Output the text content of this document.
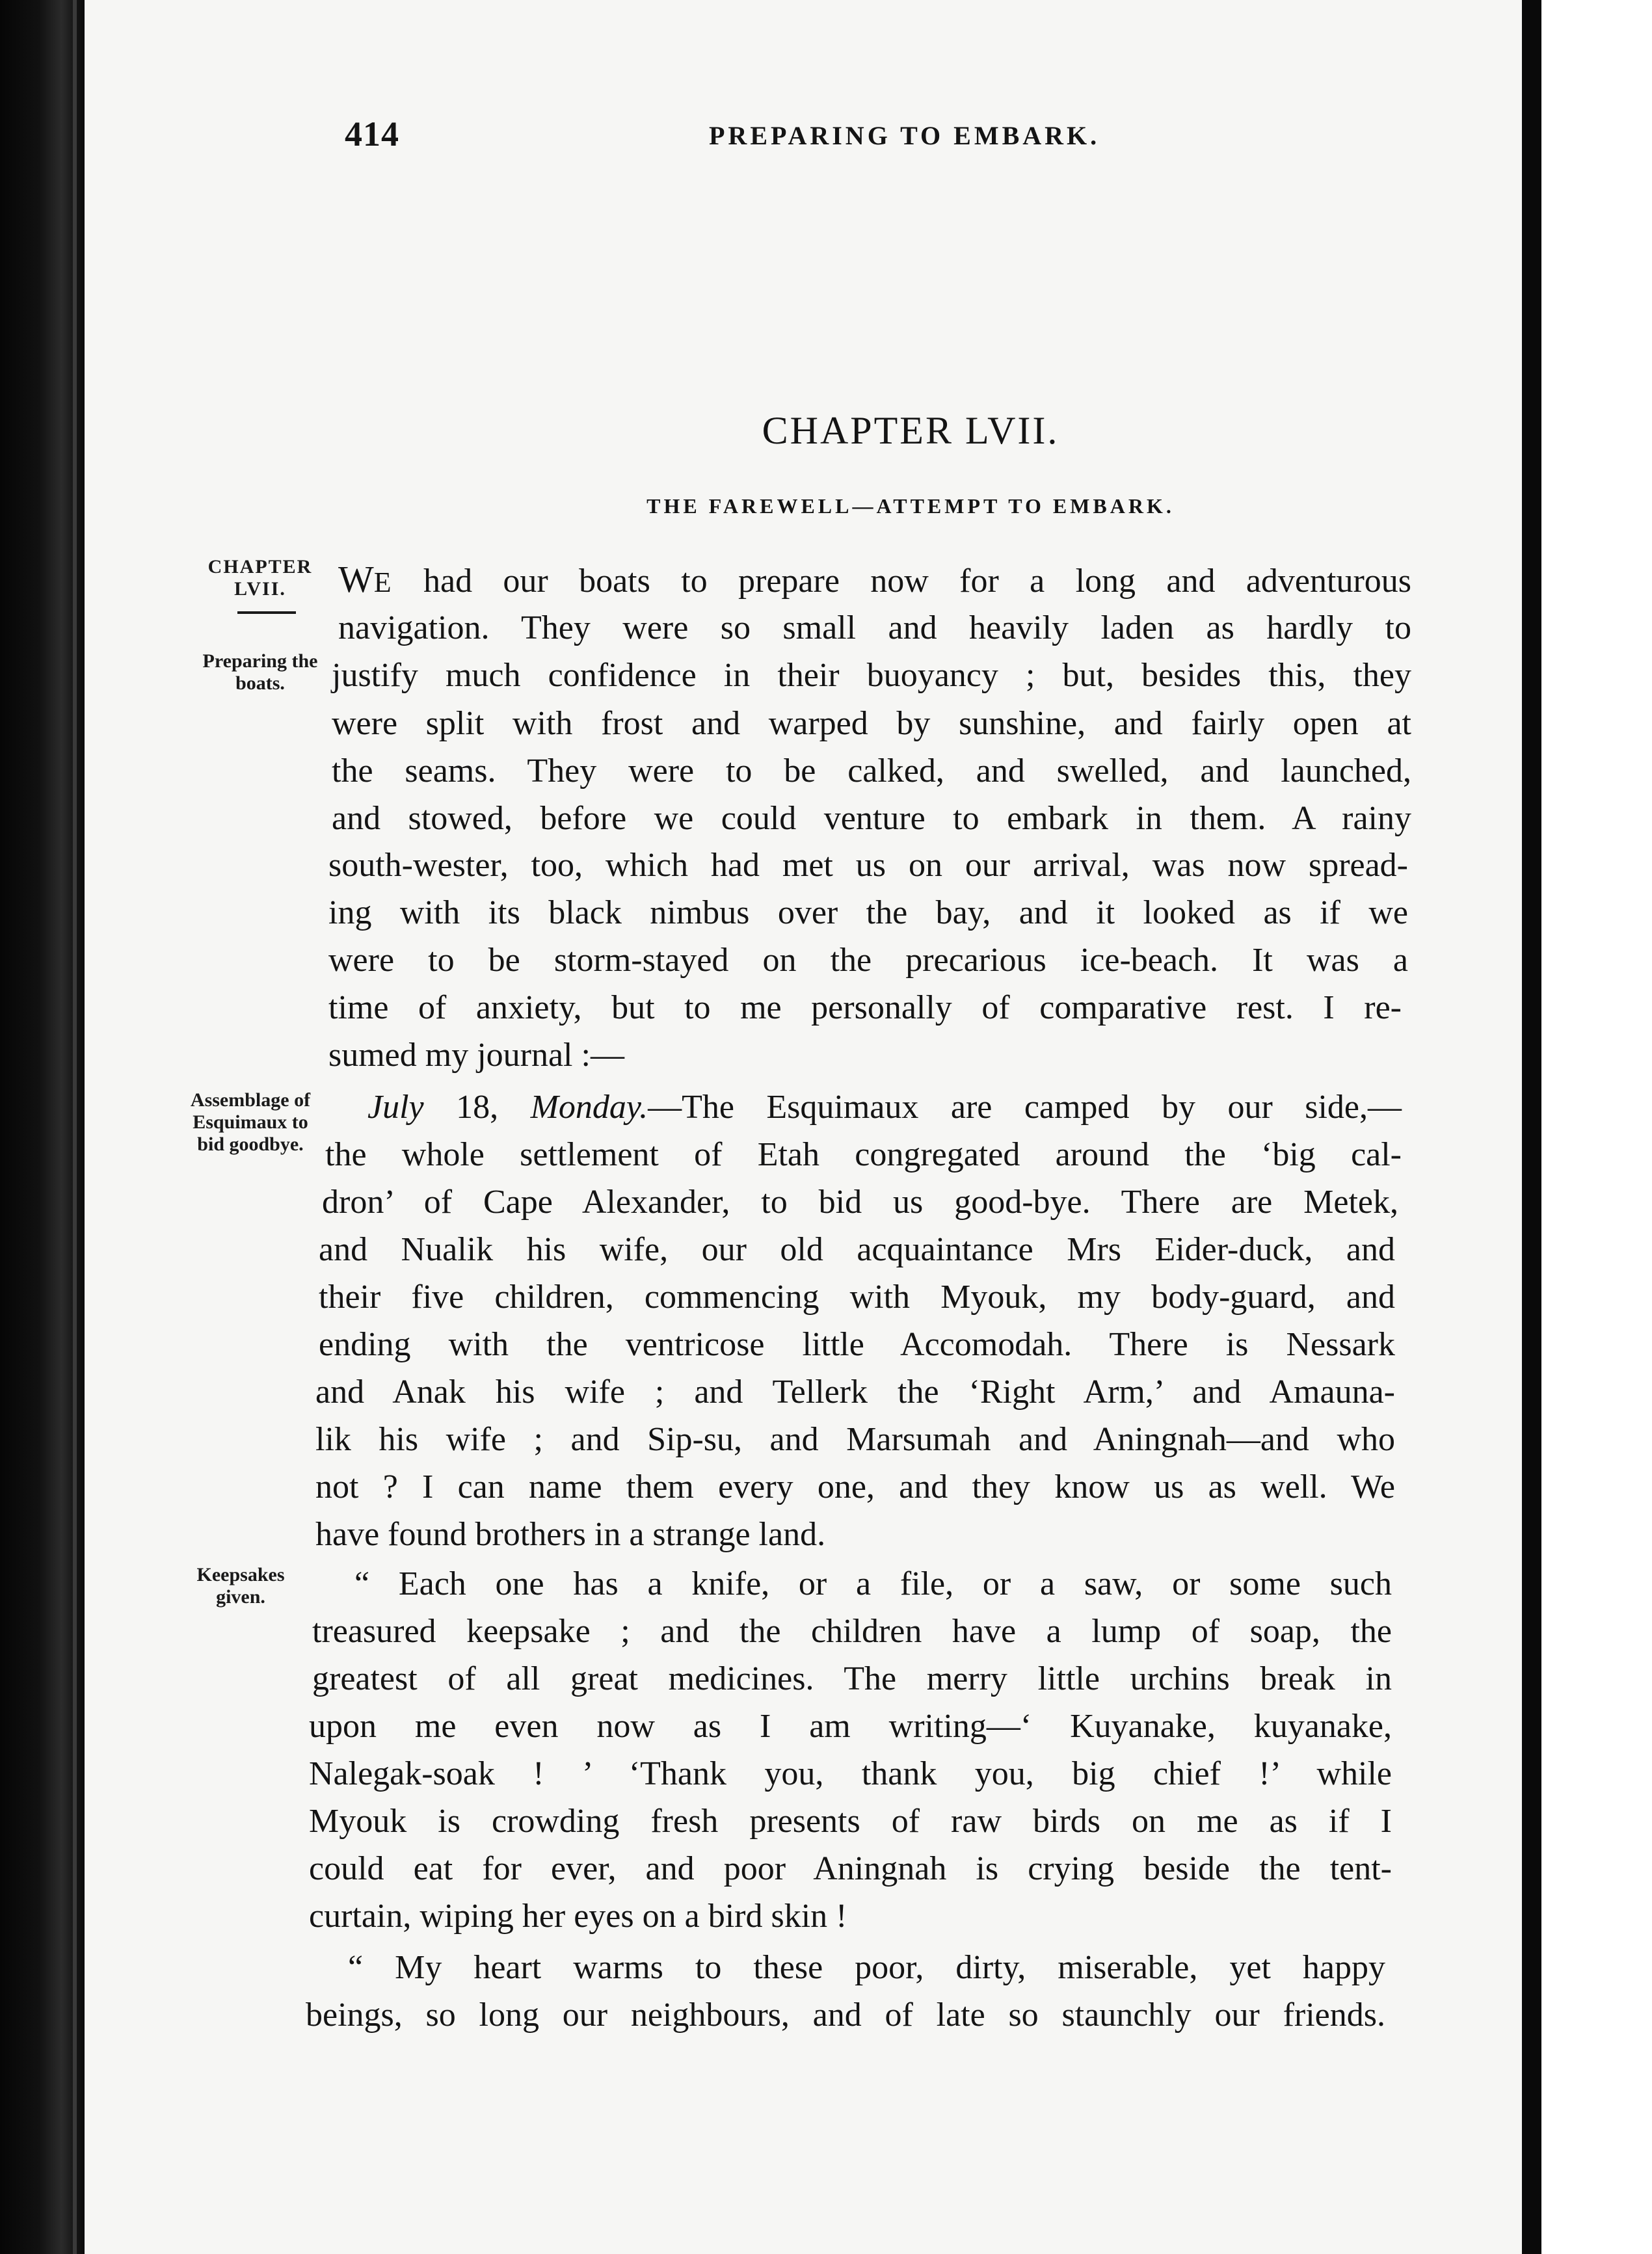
414	PREPARING TO EMBARK.
CHAPTER LVII.
THE FAREWELL—ATTEMPT TO EMBARK.
CHAPTER LVII.
Preparing the boats.
Assemblage of Esquimaux to bid goodbye.
Keepsakes given.
WE had our boats to prepare now for a long and adventurous
navigation. They were so small and heavily laden as hardly to
justify much confidence in their buoyancy ; but, besides this, they
were split with frost and warped by sunshine, and fairly open at
the seams. They were to be calked, and swelled, and launched,
and stowed, before we could venture to embark in them. A rainy
south-wester, too, which had met us on our arrival, was now spread-
ing with its black nimbus over the bay, and it looked as if we
were to be storm-stayed on the precarious ice-beach. It was a
time of anxiety, but to me personally of comparative rest. I re-
sumed my journal :—
July 18, Monday.—The Esquimaux are camped by our side,—
the whole settlement of Etah congregated around the ‘big cal-
dron’ of Cape Alexander, to bid us good-bye. There are Metek,
and Nualik his wife, our old acquaintance Mrs Eider-duck, and
their five children, commencing with Myouk, my body-guard, and
ending with the ventricose little Accomodah. There is Nessark
and Anak his wife ; and Tellerk the ‘Right Arm,’ and Amauna-
lik his wife ; and Sip-su, and Marsumah and Aningnah—and who
not ? I can name them every one, and they know us as well. We
have found brothers in a strange land.
“ Each one has a knife, or a file, or a saw, or some such
treasured keepsake ; and the children have a lump of soap, the
greatest of all great medicines. The merry little urchins break in
upon me even now as I am writing—‘ Kuyanake, kuyanake,
Nalegak-soak ! ’ ‘Thank you, thank you, big chief !’ while
Myouk is crowding fresh presents of raw birds on me as if I
could eat for ever, and poor Aningnah is crying beside the tent-
curtain, wiping her eyes on a bird skin !
“ My heart warms to these poor, dirty, miserable, yet happy
beings, so long our neighbours, and of late so staunchly our friends.
